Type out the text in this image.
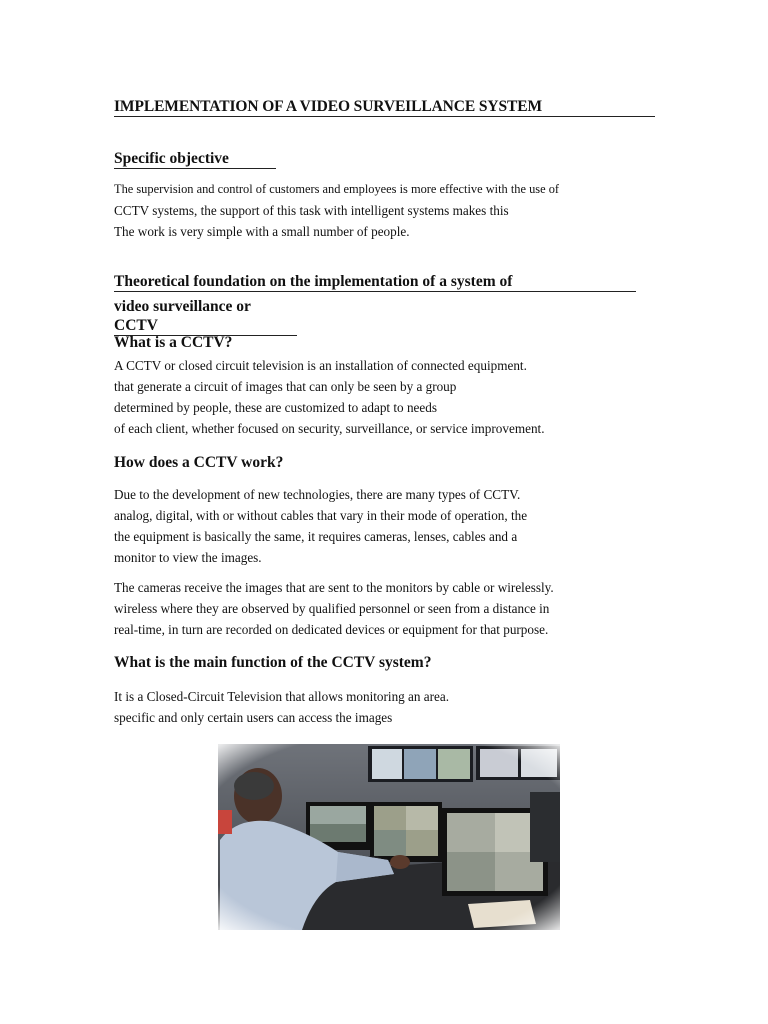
IMPLEMENTATION OF A VIDEO SURVEILLANCE SYSTEM
Specific objective
The supervision and control of customers and employees is more effective with the use of
CCTV systems, the support of this task with intelligent systems makes this
The work is very simple with a small number of people.
Theoretical foundation on the implementation of a system of
video surveillance or CCTV
What is a CCTV?
A CCTV or closed circuit television is an installation of connected equipment.
that generate a circuit of images that can only be seen by a group
determined by people, these are customized to adapt to needs
of each client, whether focused on security, surveillance, or service improvement.
How does a CCTV work?
Due to the development of new technologies, there are many types of CCTV.
analog, digital, with or without cables that vary in their mode of operation, the
the equipment is basically the same, it requires cameras, lenses, cables and a
monitor to view the images.
The cameras receive the images that are sent to the monitors by cable or wirelessly.
wireless where they are observed by qualified personnel or seen from a distance in
real-time, in turn are recorded on dedicated devices or equipment for that purpose.
What is the main function of the CCTV system?
It is a Closed-Circuit Television that allows monitoring an area.
specific and only certain users can access the images
